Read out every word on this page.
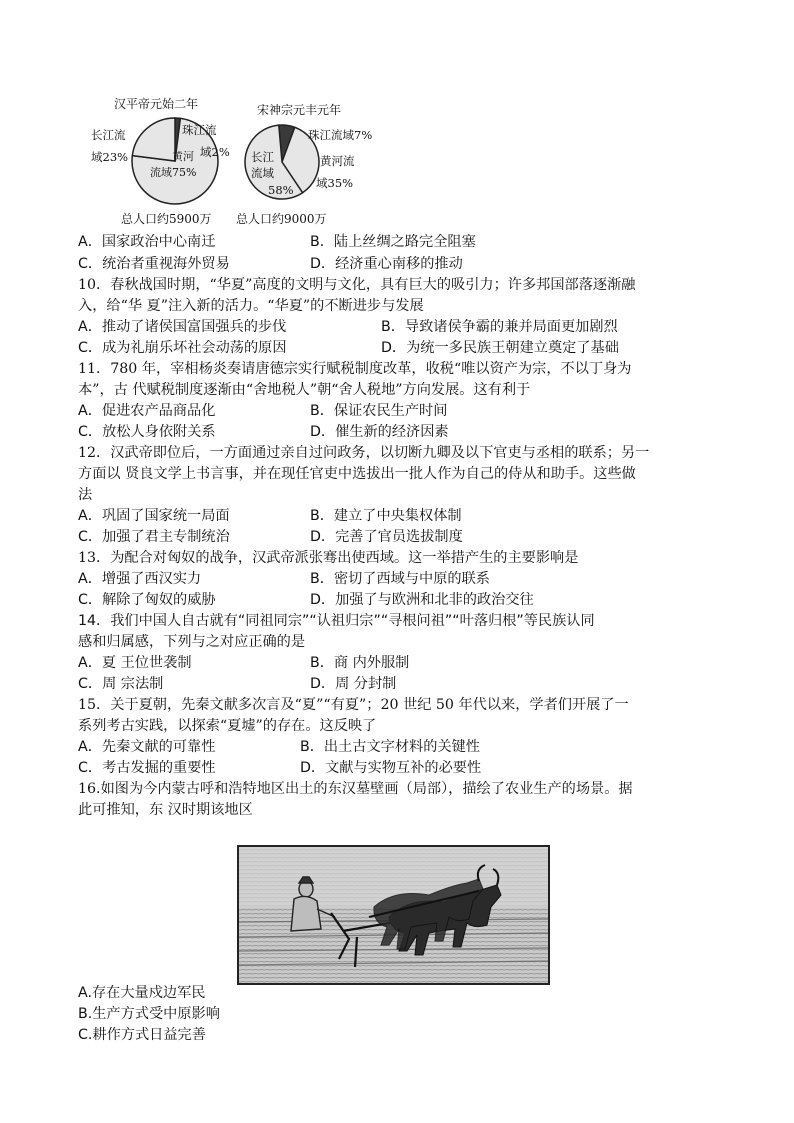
汉平帝元始二年
长江流
域23%
珠江流
域2%
黄河
流域75%
总人口约5900万
宋神宗元丰元年
珠江流域7%
黄河流
域35%
长江
流域
58%
总人口约9000万
A．国家政治中心南迁	B．陆上丝绸之路完全阻塞
C．统治者重视海外贸易	D．经济重心南移的推动
10．春秋战国时期，“华夏”高度的文明与文化，具有巨大的吸引力；许多邦国部落逐渐融
入，给“华 夏”注入新的活力。“华夏”的不断进步与发展
A．推动了诸侯国富国强兵的步伐	B．导致诸侯争霸的兼并局面更加剧烈
C．成为礼崩乐坏社会动荡的原因	D．为统一多民族王朝建立奠定了基础
11．780 年，宰相杨炎奏请唐德宗实行赋税制度改革，收税“唯以资产为宗，不以丁身为
本”，古 代赋税制度逐渐由“舍地税人”朝“舍人税地”方向发展。这有利于
A．促进农产品商品化	B．保证农民生产时间
C．放松人身依附关系	D．催生新的经济因素
12．汉武帝即位后，一方面通过亲自过问政务，以切断九卿及以下官吏与丞相的联系；另一
方面以 贤良文学上书言事，并在现任官吏中选拔出一批人作为自己的侍从和助手。这些做
法
A．巩固了国家统一局面	B．建立了中央集权体制
C．加强了君主专制统治	D．完善了官员选拔制度
13．为配合对匈奴的战争，汉武帝派张骞出使西域。这一举措产生的主要影响是
A．增强了西汉实力	B．密切了西域与中原的联系
C．解除了匈奴的威胁	D．加强了与欧洲和北非的政治交往
14．我们中国人自古就有“同祖同宗”“认祖归宗”“寻根问祖”“叶落归根”等民族认同
感和归属感，下列与之对应正确的是
A．夏 王位世袭制	B．商 内外服制
C．周 宗法制	D．周 分封制
15．关于夏朝，先秦文献多次言及“夏”“有夏”；20 世纪 50 年代以来，学者们开展了一
系列考古实践，以探索“夏墟”的存在。这反映了
A．先秦文献的可靠性	B．出土古文字材料的关键性
C．考古发掘的重要性	D．文献与实物互补的必要性
16.如图为今内蒙古呼和浩特地区出土的东汉墓壁画（局部），描绘了农业生产的场景。据
此可推知，东 汉时期该地区
A.存在大量戍边军民
B.生产方式受中原影响
C.耕作方式日益完善
